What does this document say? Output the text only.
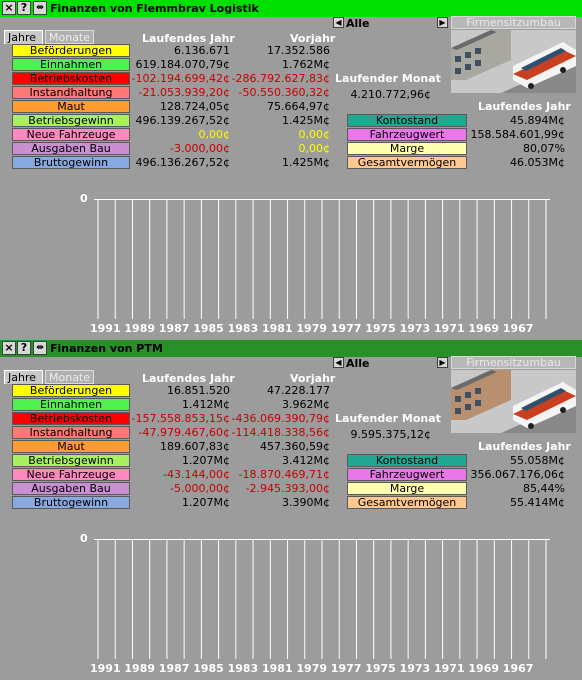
× ?	⇹ Finanzen von Flemmbrav Logistik
Jahre	Monate	Laufendes Jahr	Vorjahr
◀ Alle	▶	Firmensitzumbau
Beförderungen	6.136.671	17.352.586
Einnahmen	619.184.070,79¢	1.762M¢
Betriebskosten	-102.194.699,42¢ -286.792.627,83¢
Instandhaltung	-21.053.939,20¢ -50.550.360,32¢
Maut	128.724,05¢	75.664,97¢
Betriebsgewinn	496.139.267,52¢	1.425M¢
Neue Fahrzeuge	0,00¢	0,00¢
Ausgaben Bau	-3.000,00¢	0,00¢
Bruttogewinn	496.136.267,52¢	1.425M¢
Laufender Monat
4.210.772,96¢
Laufendes Jahr
Kontostand	45.894M¢
Fahrzeugwert	158.584.601,99¢
Marge	80,07%
Gesamtvermögen	46.053M¢
0
1991 1989 1987 1985 1983 1981 1979 1977 1975 1973 1971 1969 1967
× ?	⇹ Finanzen von PTM
Jahre	Monate	Laufendes Jahr	Vorjahr
◀ Alle	▶	Firmensitzumbau
Beförderungen	16.851.520	47.228.177
Einnahmen	1.412M¢	3.962M¢
Betriebskosten	-157.558.853,15¢ -436.069.390,79¢
Instandhaltung	-47.979.467,60¢ -114.418.338,56¢
Maut	189.607,83¢	457.360,59¢
Betriebsgewinn	1.207M¢	3.412M¢
Neue Fahrzeuge	-43.144,00¢ -18.870.469,71¢
Ausgaben Bau	-5.000,00¢	-2.945.393,00¢
Bruttogewinn	1.207M¢	3.390M¢
Laufender Monat
9.595.375,12¢
Laufendes Jahr
Kontostand	55.058M¢
Fahrzeugwert	356.067.176,06¢
Marge	85,44%
Gesamtvermögen	55.414M¢
0
1991 1989 1987 1985 1983 1981 1979 1977 1975 1973 1971 1969 1967
